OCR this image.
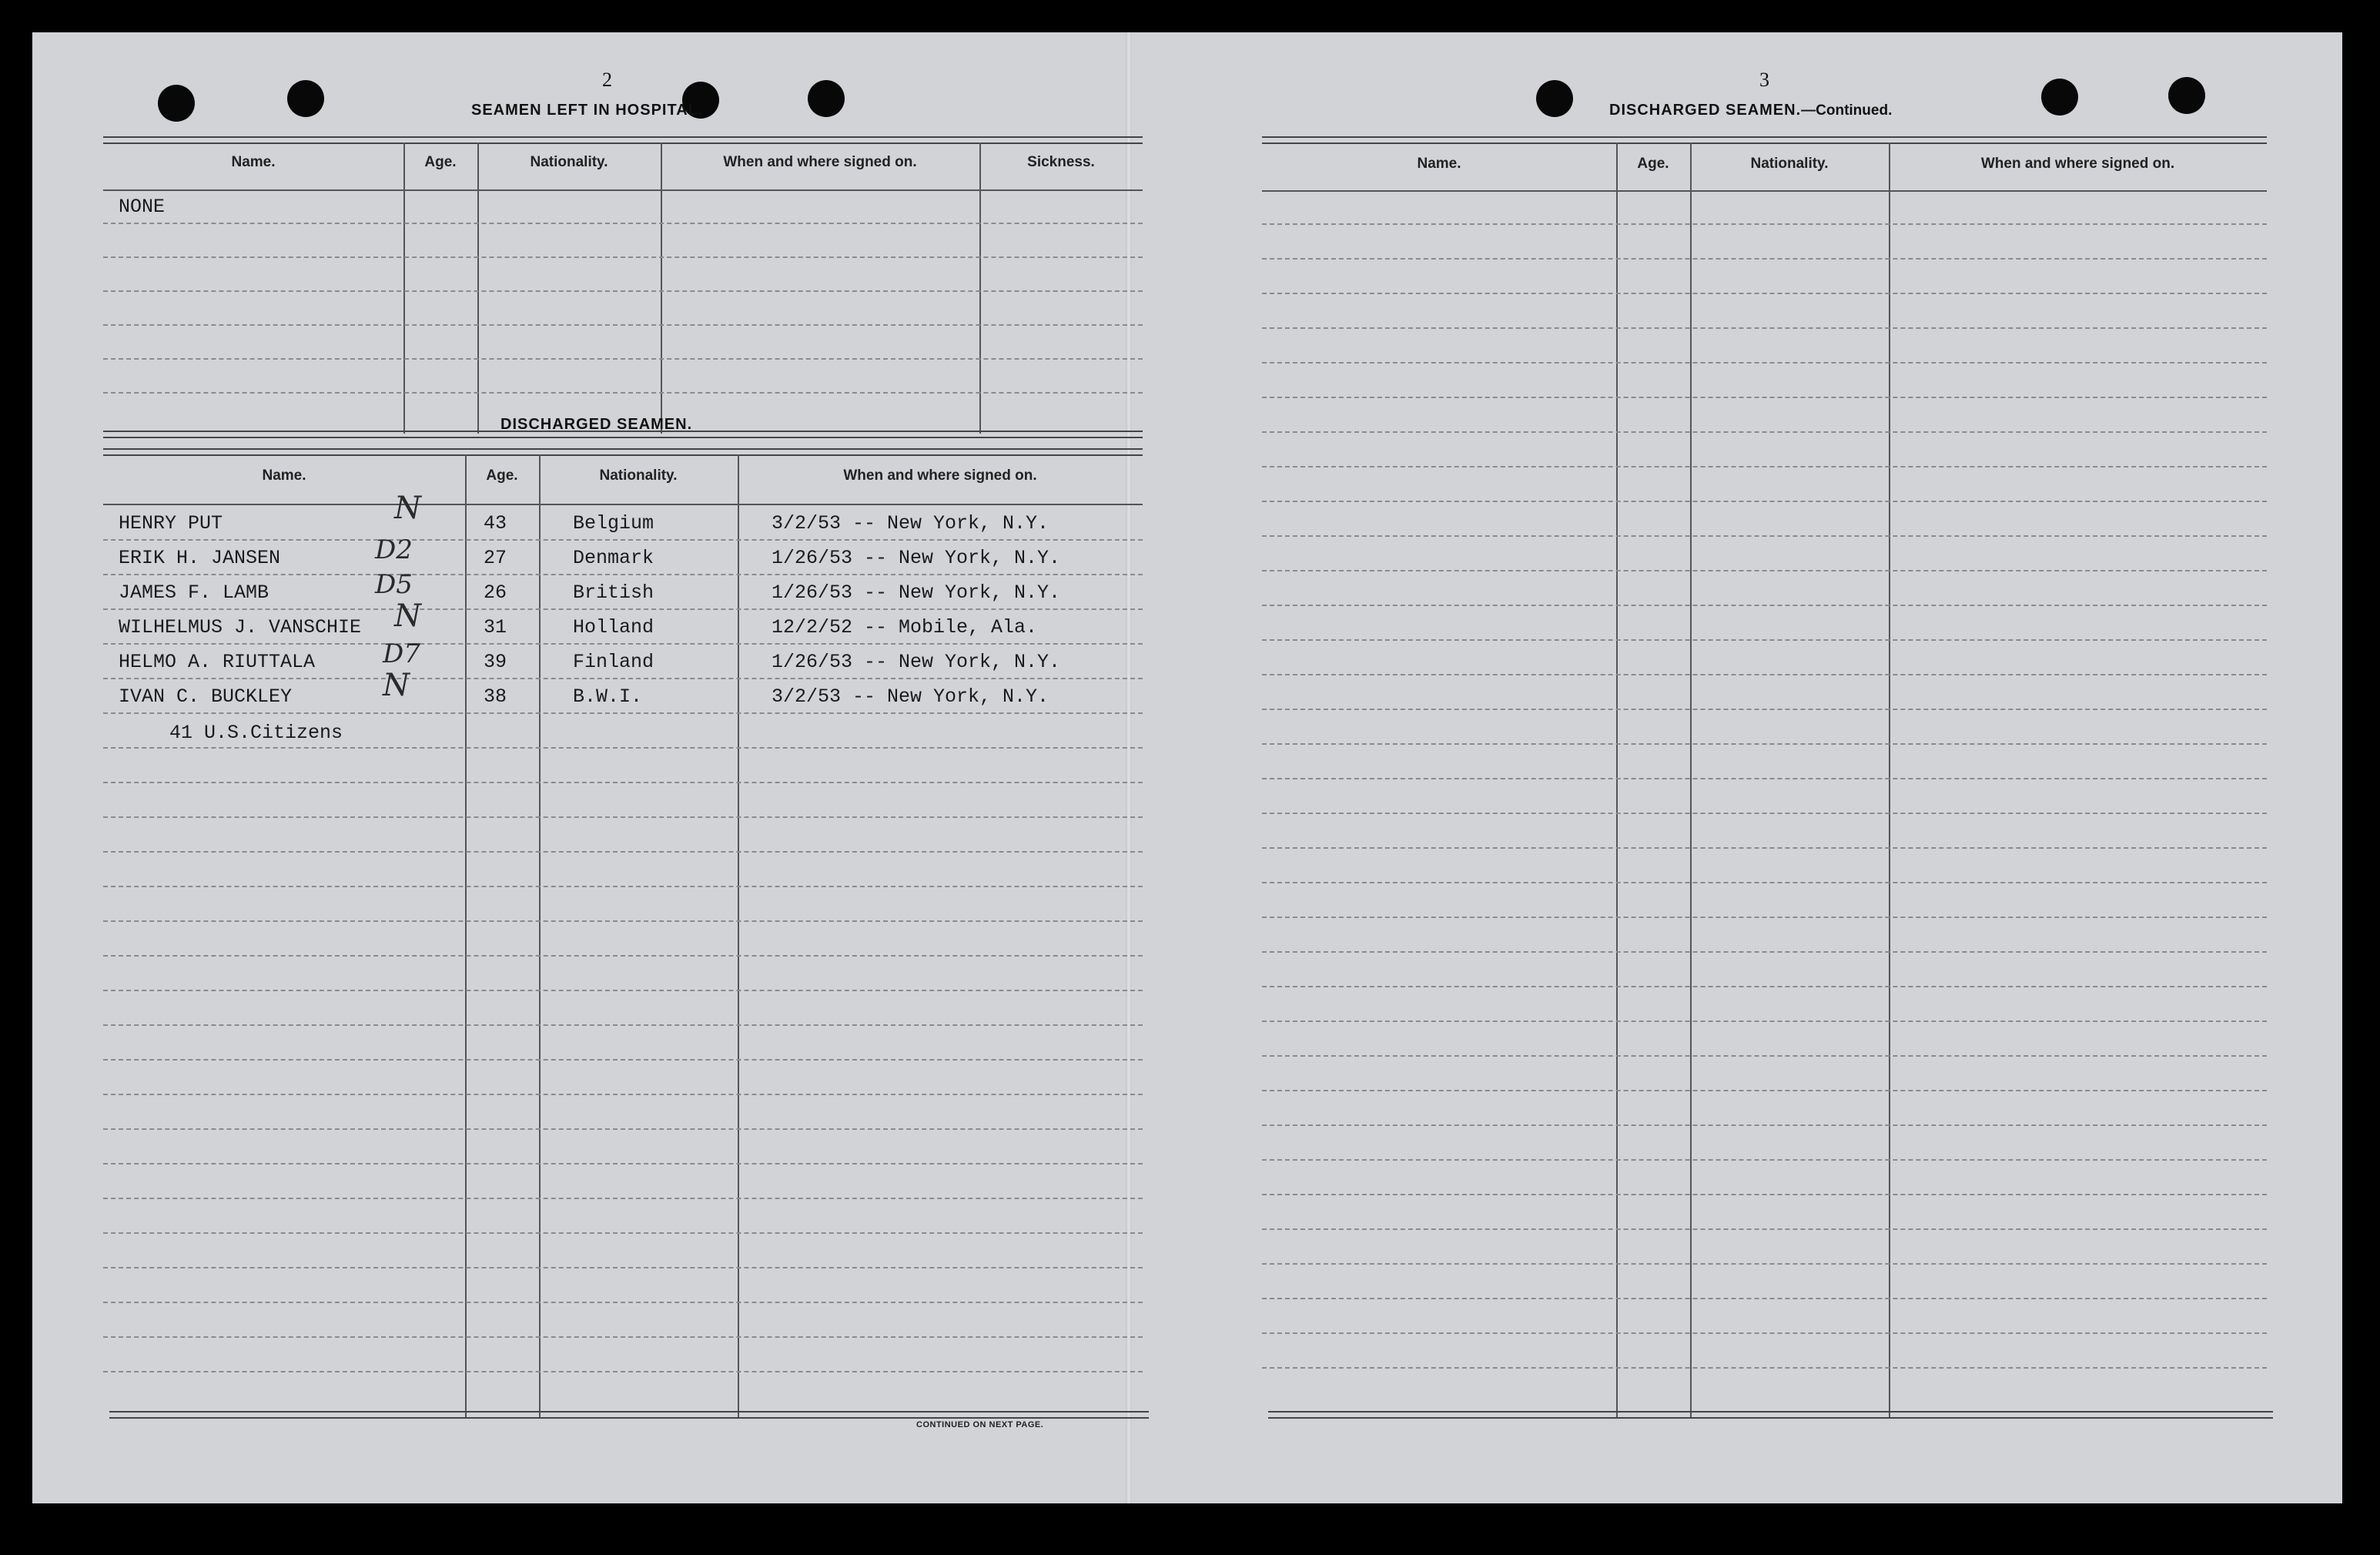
2
SEAMEN LEFT IN HOSPITAL.
Name.	Age.	Nationality.	When and where signed on.	Sickness.
NONE
DISCHARGED SEAMEN.
Name.	Age.	Nationality.	When and where signed on.
HENRY PUT	N	43	Belgium	3/2/53 -- New York, N.Y.
ERIK H. JANSEN	D2	27	Denmark	1/26/53 -- New York, N.Y.
JAMES F. LAMB	D5	26	British	1/26/53 -- New York, N.Y.
WILHELMUS J. VANSCHIE N	31	Holland	12/2/52 -- Mobile, Ala.
HELMO A. RIUTTALA	D7	39	Finland	1/26/53 -- New York, N.Y.
IVAN C. BUCKLEY	N	38	B.W.I.	3/2/53 -- New York, N.Y.
41 U.S.Citizens
CONTINUED ON NEXT PAGE.
3
DISCHARGED SEAMEN.—Continued.
Name.	Age.	Nationality.	When and where signed on.
